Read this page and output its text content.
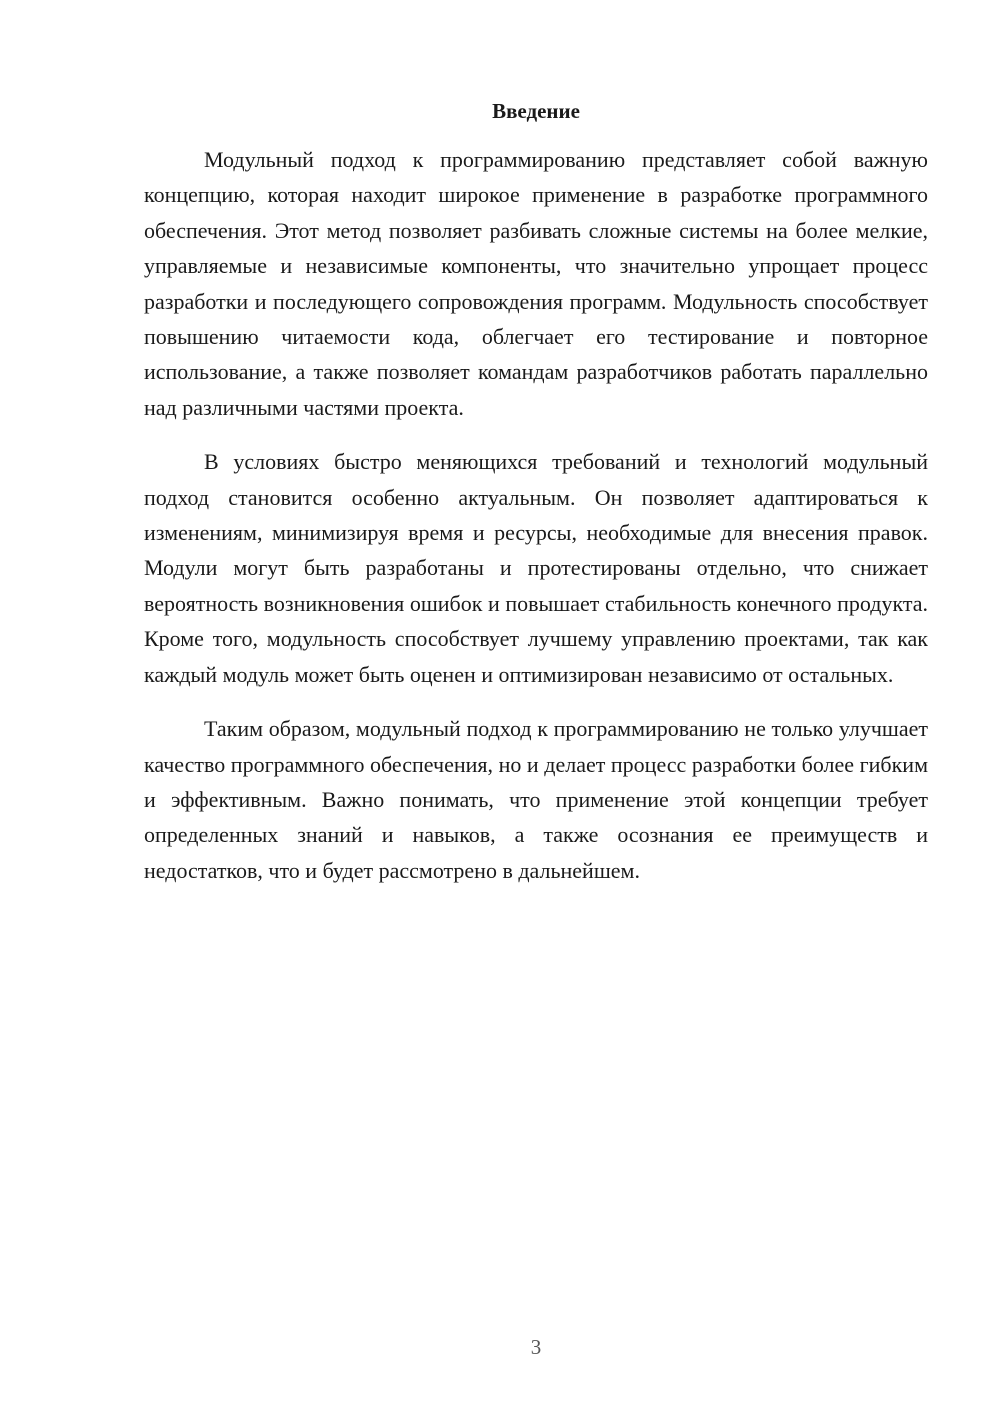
Введение

Модульный подход к программированию представляет собой важную концепцию, которая находит широкое применение в разработке программного обеспечения. Этот метод позволяет разбивать сложные системы на более мелкие, управляемые и независимые компоненты, что значительно упрощает процесс разработки и последующего сопровождения программ. Модульность способствует повышению читаемости кода, облегчает его тестирование и повторное использование, а также позволяет командам разработчиков работать параллельно над различными частями проекта.

В условиях быстро меняющихся требований и технологий модульный подход становится особенно актуальным. Он позволяет адаптироваться к изменениям, минимизируя время и ресурсы, необходимые для внесения правок. Модули могут быть разработаны и протестированы отдельно, что снижает вероятность возникновения ошибок и повышает стабильность конечного продукта. Кроме того, модульность способствует лучшему управлению проектами, так как каждый модуль может быть оценен и оптимизирован независимо от остальных.

Таким образом, модульный подход к программированию не только улучшает качество программного обеспечения, но и делает процесс разработки более гибким и эффективным. Важно понимать, что применение этой концепции требует определенных знаний и навыков, а также осознания ее преимуществ и недостатков, что и будет рассмотрено в дальнейшем.

3
